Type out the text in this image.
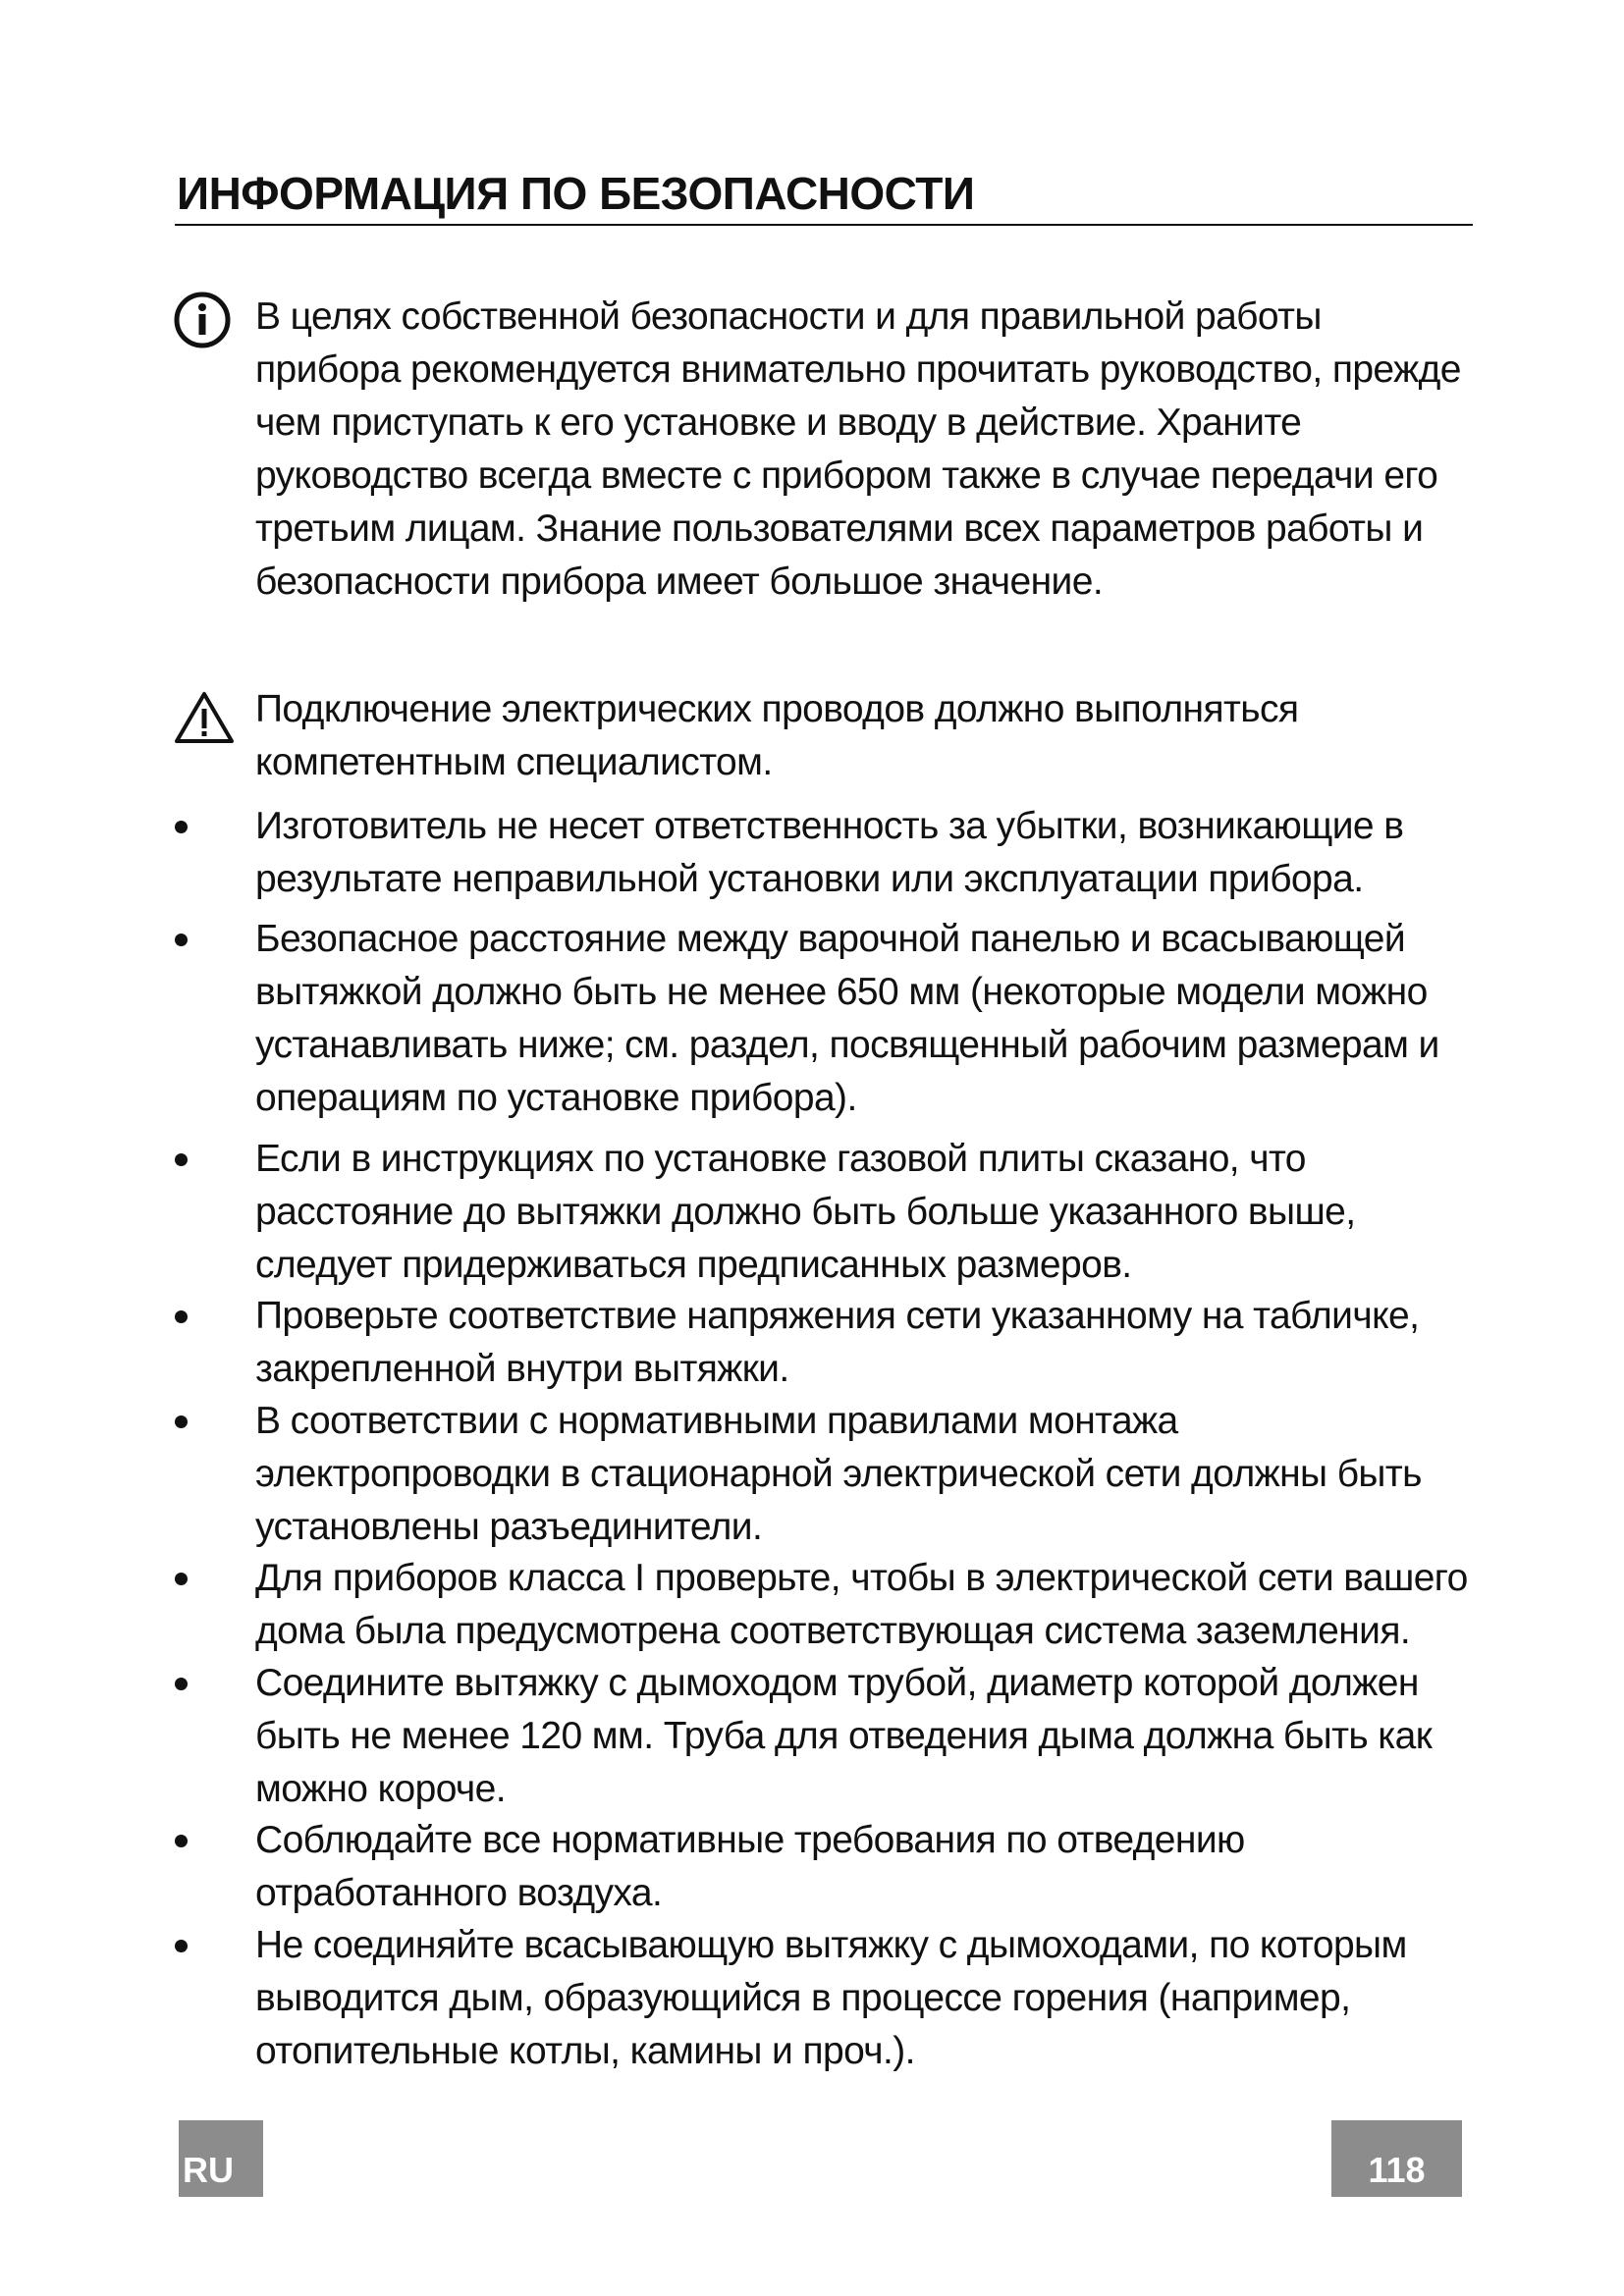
ИНФОРМАЦИЯ ПО БЕЗОПАСНОСТИ
В целях собственной безопасности и для правильной работы прибора рекомендуется внимательно прочитать руководство, прежде чем приступать к его установке и вводу в действие. Храните руководство всегда вместе с прибором также в случае передачи его третьим лицам. Знание пользователями всех параметров работы и безопасности прибора имеет большое значение.
Подключение электрических проводов должно выполняться компетентным специалистом.
Изготовитель не несет ответственность за убытки, возникающие в результате неправильной установки или эксплуатации прибора.
Безопасное расстояние между варочной панелью и всасывающей вытяжкой должно быть не менее 650 мм (некоторые модели можно устанавливать ниже; см. раздел, посвященный рабочим размерам и операциям по установке прибора).
Если в инструкциях по установке газовой плиты сказано, что расстояние до вытяжки должно быть больше указанного выше, следует придерживаться предписанных размеров.
Проверьте соответствие напряжения сети указанному на табличке, закрепленной внутри вытяжки.
В соответствии с нормативными правилами монтажа электропроводки в стационарной электрической сети должны быть установлены разъединители.
Для приборов класса I проверьте, чтобы в электрической сети вашего дома была предусмотрена соответствующая система заземления.
Соедините вытяжку с дымоходом трубой, диаметр которой должен быть не менее 120 мм. Труба для отведения дыма должна быть как можно короче.
Соблюдайте все нормативные требования по отведению отработанного воздуха.
Не соединяйте всасывающую вытяжку с дымоходами, по которым выводится дым, образующийся в процессе горения (например, отопительные котлы, камины и проч.).
RU	118
